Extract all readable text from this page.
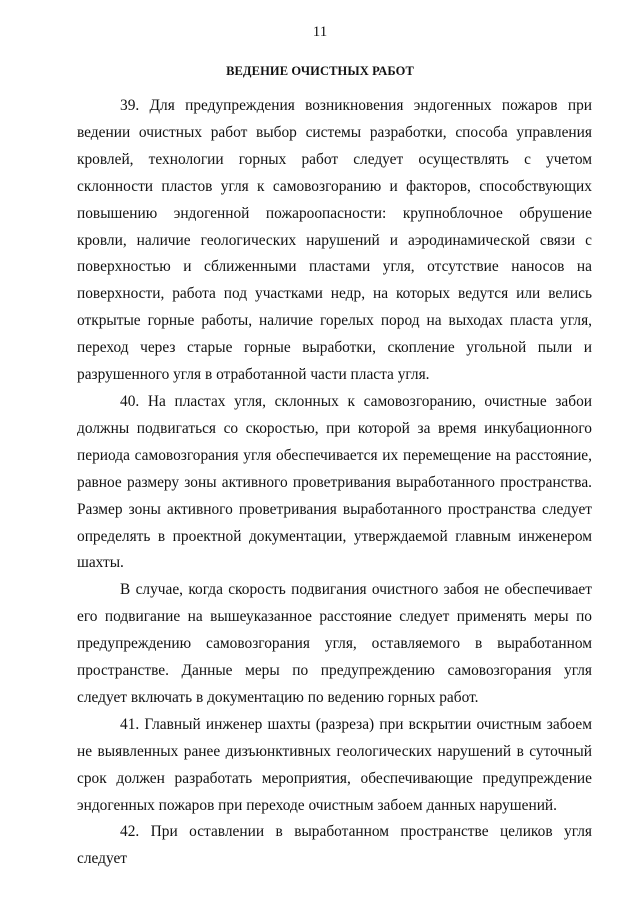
11
ВЕДЕНИЕ ОЧИСТНЫХ РАБОТ

39. Для предупреждения возникновения эндогенных пожаров при ведении очистных работ выбор системы разработки, способа управления кровлей, технологии горных работ следует осуществлять с учетом склонности пластов угля к самовозгоранию и факторов, способствующих повышению эндогенной пожароопасности: крупноблочное обрушение кровли, наличие геологических нарушений и аэродинамической связи с поверхностью и сближенными пластами угля, отсутствие наносов на поверхности, работа под участками недр, на которых ведутся или велись открытые горные работы, наличие горелых пород на выходах пласта угля, переход через старые горные выработки, скопление угольной пыли и разрушенного угля в отработанной части пласта угля.

40. На пластах угля, склонных к самовозгоранию, очистные забои должны подвигаться со скоростью, при которой за время инкубационного периода самовозгорания угля обеспечивается их перемещение на расстояние, равное размеру зоны активного проветривания выработанного пространства. Размер зоны активного проветривания выработанного пространства следует определять в проектной документации, утверждаемой главным инженером шахты.

В случае, когда скорость подвигания очистного забоя не обеспечивает его подвигание на вышеуказанное расстояние следует применять меры по предупреждению самовозгорания угля, оставляемого в выработанном пространстве. Данные меры по предупреждению самовозгорания угля следует включать в документацию по ведению горных работ.

41. Главный инженер шахты (разреза) при вскрытии очистным забоем не выявленных ранее дизъюнктивных геологических нарушений в суточный срок должен разработать мероприятия, обеспечивающие предупреждение эндогенных пожаров при переходе очистным забоем данных нарушений.

42. При оставлении в выработанном пространстве целиков угля следует
